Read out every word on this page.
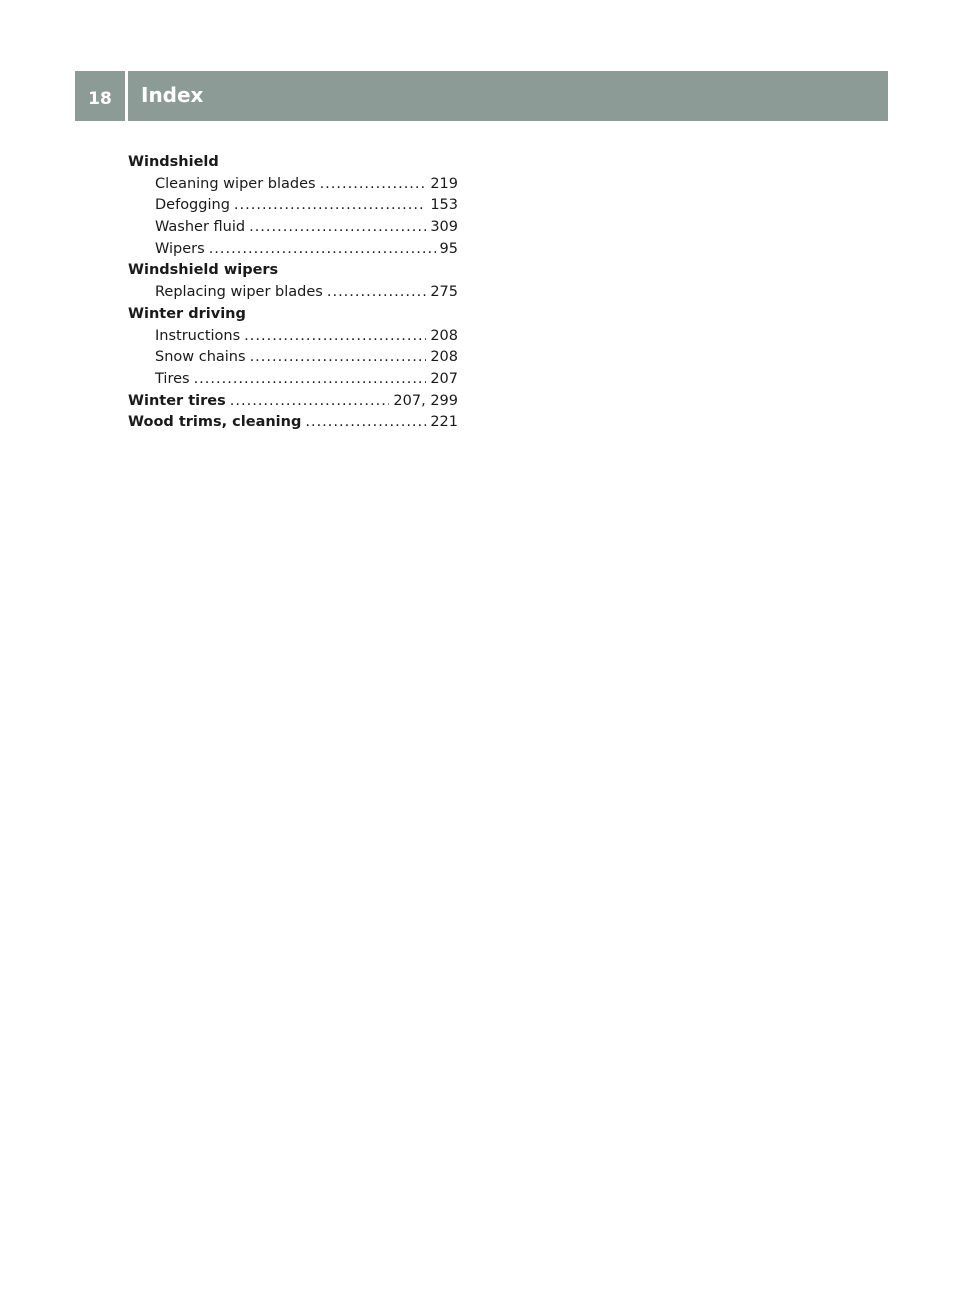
18	Index
Windshield
Cleaning wiper blades .....	219
Defogging .....	153
Washer fluid .....	309
Wipers .....	95
Windshield wipers
Replacing wiper blades .....	275
Winter driving
Instructions .....	208
Snow chains .....	208
Tires .....	207
Winter tires .....	207, 299
Wood trims, cleaning .....	221
